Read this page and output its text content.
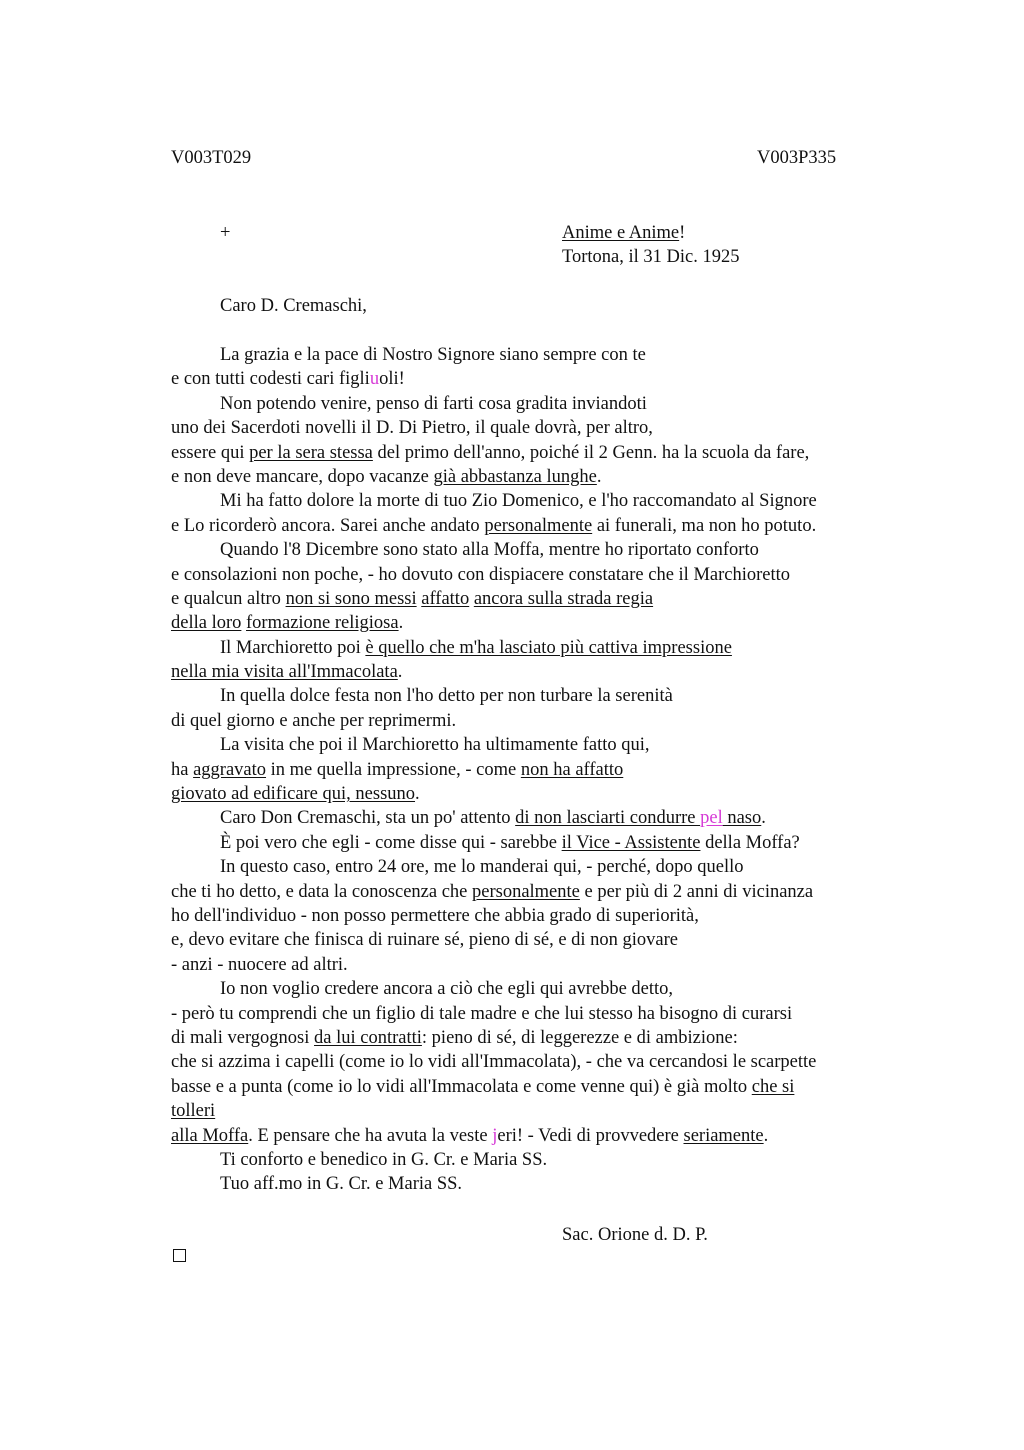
V003T029	V003P335
+	Anime e Anime!
Tortona, il 31 Dic. 1925
Caro D. Cremaschi,
La grazia e la pace di Nostro Signore siano sempre con te
e con tutti codesti cari figliuoli!
Non potendo venire, penso di farti cosa gradita inviandoti
uno dei Sacerdoti novelli il D. Di Pietro, il quale dovrà, per altro,
essere qui per la sera stessa del primo dell'anno, poiché il 2 Genn. ha la scuola da fare,
e non deve mancare, dopo vacanze già abbastanza lunghe.
Mi ha fatto dolore la morte di tuo Zio Domenico, e l'ho raccomandato al Signore
e Lo ricorderò ancora. Sarei anche andato personalmente ai funerali, ma non ho potuto.
Quando l'8 Dicembre sono stato alla Moffa, mentre ho riportato conforto
e consolazioni non poche, - ho dovuto con dispiacere constatare che il Marchioretto
e qualcun altro non si sono messi affatto ancora sulla strada regia
della loro formazione religiosa.
Il Marchioretto poi è quello che m'ha lasciato più cattiva impressione
nella mia visita all'Immacolata.
In quella dolce festa non l'ho detto per non turbare la serenità
di quel giorno e anche per reprimermi.
La visita che poi il Marchioretto ha ultimamente fatto qui,
ha aggravato in me quella impressione, - come non ha affatto
giovato ad edificare qui, nessuno.
Caro Don Cremaschi, sta un po' attento di non lasciarti condurre pel naso.
È poi vero che egli - come disse qui - sarebbe il Vice - Assistente della Moffa?
In questo caso, entro 24 ore, me lo manderai qui, - perché, dopo quello
che ti ho detto, e data la conoscenza che personalmente e per più di 2 anni di vicinanza
ho dell'individuo - non posso permettere che abbia grado di superiorità,
e, devo evitare che finisca di ruinare sé, pieno di sé, e di non giovare
- anzi - nuocere ad altri.
Io non voglio credere ancora a ciò che egli qui avrebbe detto,
- però tu comprendi che un figlio di tale madre e che lui stesso ha bisogno di curarsi
di mali vergognosi da lui contratti: pieno di sé, di leggerezze e di ambizione:
che si azzima i capelli (come io lo vidi all'Immacolata), - che va cercandosi le scarpette
basse e a punta (come io lo vidi all'Immacolata e come venne qui) è già molto che si
tolleri
alla Moffa. E pensare che ha avuta la veste jeri! - Vedi di provvedere seriamente.
Ti conforto e benedico in G. Cr. e Maria SS.
Tuo aff.mo in G. Cr. e Maria SS.
Sac. Orione d. D. P.
